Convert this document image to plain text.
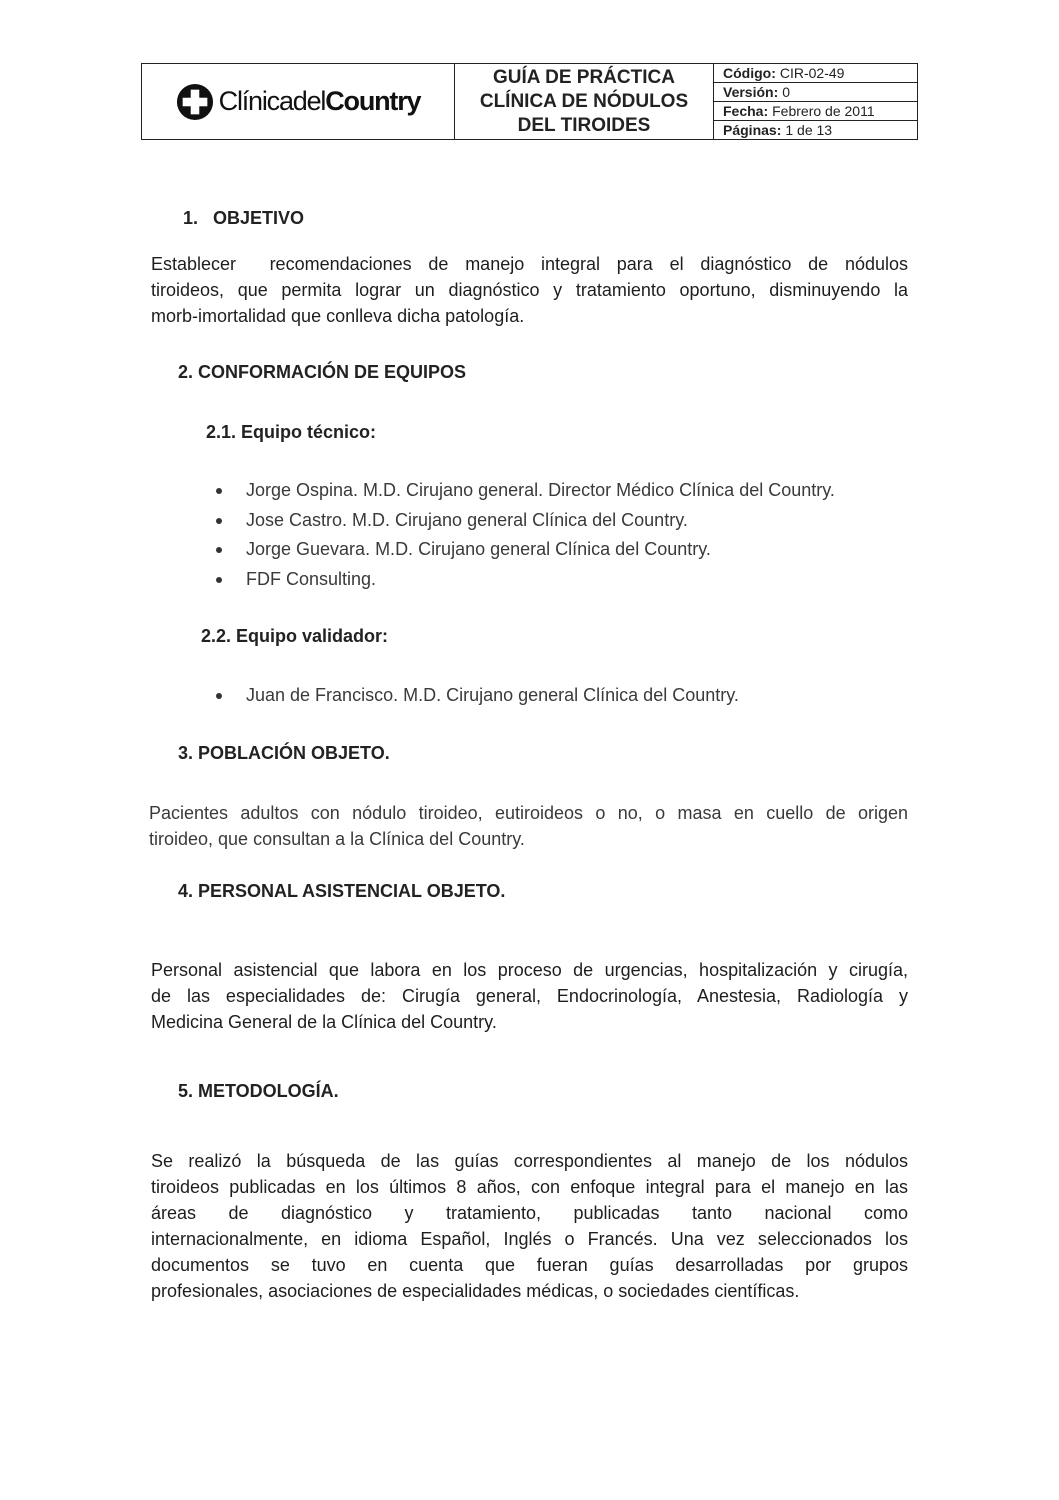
ClínicadelCountry
GUÍA DE PRÁCTICA
CLÍNICA DE NÓDULOS
DEL TIROIDES
Código: CIR-02-49
Versión: 0
Fecha: Febrero de 2011
Páginas: 1 de 13
1.   OBJETIVO
Establecer  recomendaciones de manejo integral para el diagnóstico de nódulos
tiroideos, que permita lograr un diagnóstico y tratamiento oportuno, disminuyendo la
morb-imortalidad que conlleva dicha patología.
2. CONFORMACIÓN DE EQUIPOS
2.1. Equipo técnico:
Jorge Ospina. M.D. Cirujano general. Director Médico Clínica del Country.
Jose Castro. M.D. Cirujano general Clínica del Country.
Jorge Guevara. M.D. Cirujano general Clínica del Country.
FDF Consulting.
2.2. Equipo validador:
Juan de Francisco. M.D. Cirujano general Clínica del Country.
3. POBLACIÓN OBJETO.
Pacientes adultos con nódulo tiroideo, eutiroideos o no, o masa en cuello de origen
tiroideo, que consultan a la Clínica del Country.
4. PERSONAL ASISTENCIAL OBJETO.
Personal asistencial que labora en los proceso de urgencias, hospitalización y cirugía,
de las especialidades de: Cirugía general, Endocrinología, Anestesia, Radiología y
Medicina General de la Clínica del Country.
5. METODOLOGÍA.
Se realizó la búsqueda de las guías correspondientes al manejo de los nódulos
tiroideos publicadas en los últimos 8 años, con enfoque integral para el manejo en las
áreas de diagnóstico y tratamiento, publicadas tanto nacional como
internacionalmente, en idioma Español, Inglés o Francés. Una vez seleccionados los
documentos se tuvo en cuenta que fueran guías desarrolladas por grupos
profesionales, asociaciones de especialidades médicas, o sociedades científicas.
